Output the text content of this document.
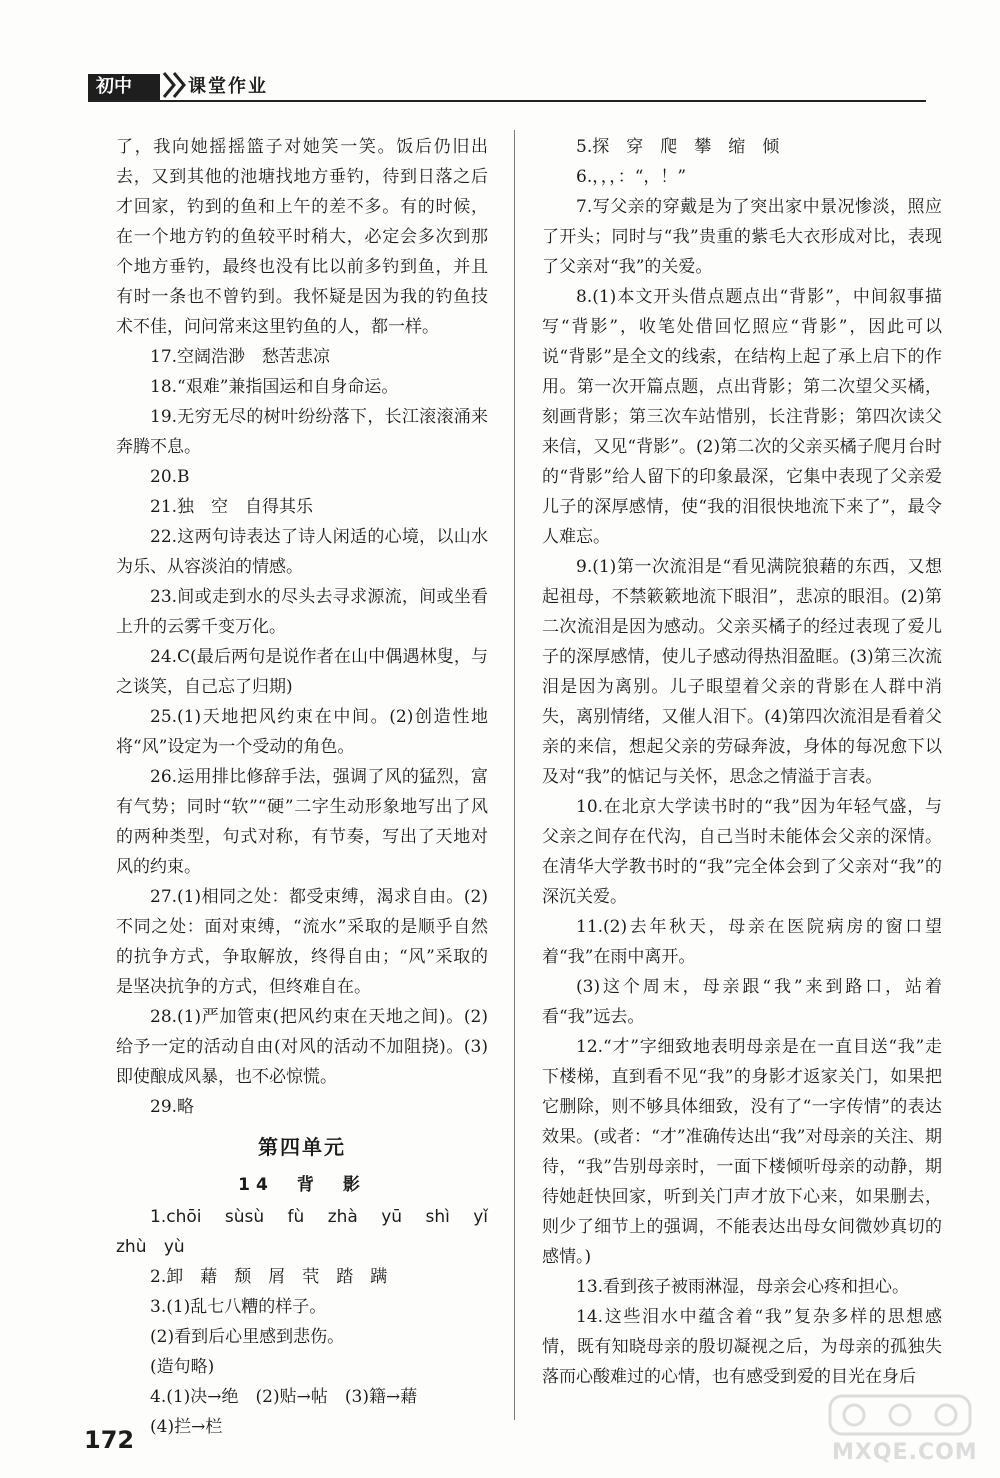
初中	课堂作业

了，我向她摇摇篮子对她笑一笑。饭后仍旧出去，又到其他的池塘找地方垂钓，待到日落之后才回家，钓到的鱼和上午的差不多。有的时候，在一个地方钓的鱼较平时稍大，必定会多次到那个地方垂钓，最终也没有比以前多钓到鱼，并且有时一条也不曾钓到。我怀疑是因为我的钓鱼技术不佳，问问常来这里钓鱼的人，都一样。

17.空阔浩渺　愁苦悲凉

18.“艰难”兼指国运和自身命运。

19.无穷无尽的树叶纷纷落下，长江滚滚涌来奔腾不息。

20.B

21.独　空　自得其乐

22.这两句诗表达了诗人闲适的心境，以山水为乐、从容淡泊的情感。

23.间或走到水的尽头去寻求源流，间或坐看上升的云雾千变万化。

24.C(最后两句是说作者在山中偶遇林叟，与之谈笑，自己忘了归期)

25.(1)天地把风约束在中间。(2)创造性地将“风”设定为一个受动的角色。

26.运用排比修辞手法，强调了风的猛烈，富有气势；同时“软”“硬”二字生动形象地写出了风的两种类型，句式对称，有节奏，写出了天地对风的约束。

27.(1)相同之处：都受束缚，渴求自由。(2)不同之处：面对束缚，“流水”采取的是顺乎自然的抗争方式，争取解放，终得自由；“风”采取的是坚决抗争的方式，但终难自在。

28.(1)严加管束(把风约束在天地之间)。(2)给予一定的活动自由(对风的活动不加阻挠)。(3)即使酿成风暴，也不必惊慌。

29.略

第四单元
14　背　影

1.chōi sùsù fù zhà yū shì yǐ zhù yù

2.卸　藉　颓　屑　茕　踏　蹒

3.(1)乱七八糟的样子。

(2)看到后心里感到悲伤。

(造句略)

4.(1)决→绝　(2)贴→帖　(3)籍→藉

(4)拦→栏

5.探　穿　爬　攀　缩　倾

6.，，，：“，！”

7.写父亲的穿戴是为了突出家中景况惨淡，照应了开头；同时与“我”贵重的紫毛大衣形成对比，表现了父亲对“我”的关爱。

8.(1)本文开头借点题点出“背影”，中间叙事描写“背影”，收笔处借回忆照应“背影”，因此可以说“背影”是全文的线索，在结构上起了承上启下的作用。第一次开篇点题，点出背影；第二次望父买橘，刻画背影；第三次车站惜别，长注背影；第四次读父来信，又见“背影”。(2)第二次的父亲买橘子爬月台时的“背影”给人留下的印象最深，它集中表现了父亲爱儿子的深厚感情，使“我的泪很快地流下来了”，最令人难忘。

9.(1)第一次流泪是“看见满院狼藉的东西，又想起祖母，不禁簌簌地流下眼泪”，悲凉的眼泪。(2)第二次流泪是因为感动。父亲买橘子的经过表现了爱儿子的深厚感情，使儿子感动得热泪盈眶。(3)第三次流泪是因为离别。儿子眼望着父亲的背影在人群中消失，离别情绪，又催人泪下。(4)第四次流泪是看着父亲的来信，想起父亲的劳碌奔波，身体的每况愈下以及对“我”的惦记与关怀，思念之情溢于言表。

10.在北京大学读书时的“我”因为年轻气盛，与父亲之间存在代沟，自己当时未能体会父亲的深情。在清华大学教书时的“我”完全体会到了父亲对“我”的深沉关爱。

11.(2)去年秋天，母亲在医院病房的窗口望着“我”在雨中离开。

(3)这个周末，母亲跟“我”来到路口，站着看“我”远去。

12.“才”字细致地表明母亲是在一直目送“我”走下楼梯，直到看不见“我”的身影才返家关门，如果把它删除，则不够具体细致，没有了“一字传情”的表达效果。(或者：“才”准确传达出“我”对母亲的关注、期待，“我”告别母亲时，一面下楼倾听母亲的动静，期待她赶快回家，听到关门声才放下心来，如果删去，则少了细节上的强调，不能表达出母女间微妙真切的感情。)

13.看到孩子被雨淋湿，母亲会心疼和担心。

14.这些泪水中蕴含着“我”复杂多样的思想感情，既有知晓母亲的殷切凝视之后，为母亲的孤独失落而心酸难过的心情，也有感受到爱的目光在身后

172	MXQE.COM
